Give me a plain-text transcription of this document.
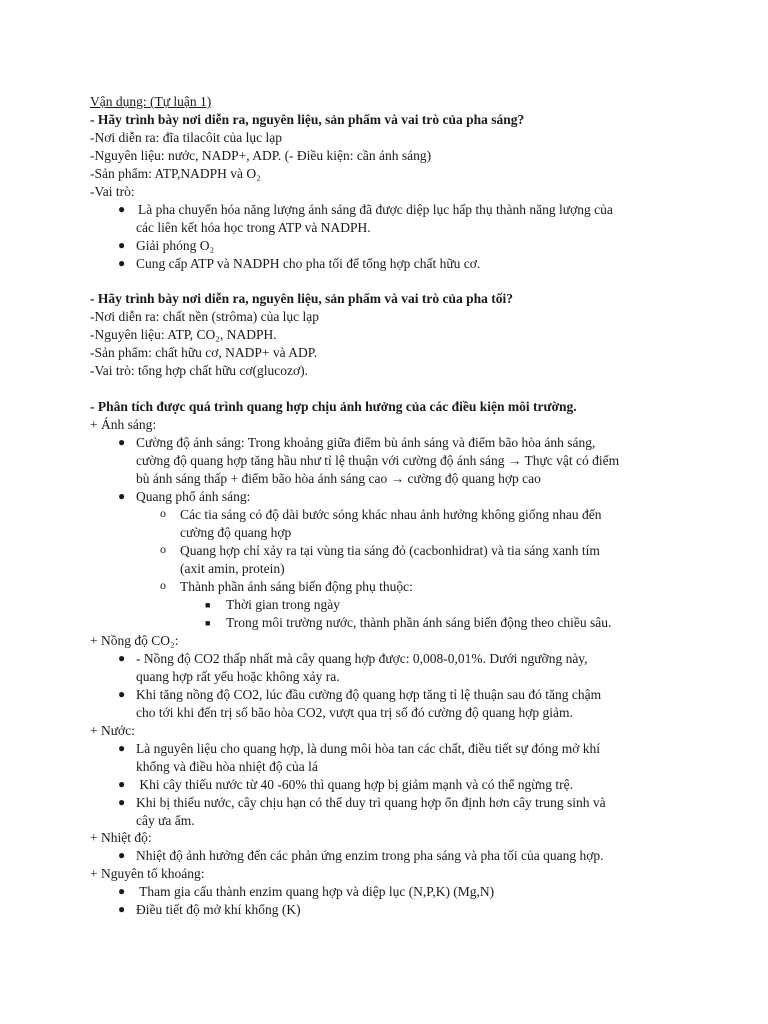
Vận dụng: (Tự luận 1)
- Hãy trình bày nơi diễn ra, nguyên liệu, sản phẩm và vai trò của pha sáng?
-Nơi diễn ra: đĩa tilacôit của lục lạp
-Nguyên liệu: nước, NADP+, ADP. (- Điều kiện: cần ánh sáng)
-Sản phẩm: ATP,NADPH và O₂
-Vai trò:
● Là pha chuyển hóa năng lượng ánh sáng đã được diệp lục hấp thụ thành năng lượng của
các liên kết hóa học trong ATP và NADPH.
● Giải phóng O₂
● Cung cấp ATP và NADPH cho pha tối để tổng hợp chất hữu cơ.
- Hãy trình bày nơi diễn ra, nguyên liệu, sản phẩm và vai trò của pha tối?
-Nơi diễn ra: chất nền (strôma) của lục lạp
-Nguyên liệu: ATP, CO₂, NADPH.
-Sản phẩm: chất hữu cơ, NADP+ và ADP.
-Vai trò: tổng hợp chất hữu cơ(glucozơ).
- Phân tích được quá trình quang hợp chịu ảnh hưởng của các điều kiện môi trường.
+ Ánh sáng:
● Cường độ ánh sáng: Trong khoảng giữa điểm bù ánh sáng và điểm bão hòa ánh sáng,
cường độ quang hợp tăng hầu như tỉ lệ thuận với cường độ ánh sáng → Thực vật có điểm
bù ánh sáng thấp + điểm bão hòa ánh sáng cao → cường độ quang hợp cao
● Quang phổ ánh sáng:
o Các tia sáng có độ dài bước sóng khác nhau ảnh hưởng không giống nhau đến
cường độ quang hợp
o Quang hợp chỉ xảy ra tại vùng tia sáng đỏ (cacbonhidrat) và tia sáng xanh tím
(axit amin, protein)
o Thành phần ánh sáng biến động phụ thuộc:
■ Thời gian trong ngày
■ Trong môi trường nước, thành phần ánh sáng biến động theo chiều sâu.
+ Nồng độ CO₂:
● - Nồng độ CO2 thấp nhất mà cây quang hợp được: 0,008-0,01%. Dưới ngưỡng này,
quang hợp rất yếu hoặc không xảy ra.
● Khi tăng nồng độ CO2, lúc đầu cường độ quang hợp tăng tỉ lệ thuận sau đó tăng chậm
cho tới khi đến trị số bão hòa CO2, vượt qua trị số đó cường độ quang hợp giảm.
+ Nước:
● Là nguyên liệu cho quang hợp, là dung môi hòa tan các chất, điều tiết sự đóng mở khí
khổng và điều hòa nhiệt độ của lá
● Khi cây thiếu nước từ 40 -60% thì quang hợp bị giảm mạnh và có thể ngừng trệ.
● Khi bị thiếu nước, cây chịu hạn có thể duy trì quang hợp ổn định hơn cây trung sinh và
cây ưa ẩm.
+ Nhiệt độ:
● Nhiệt độ ảnh hưởng đến các phản ứng enzim trong pha sáng và pha tối của quang hợp.
+ Nguyên tố khoáng:
● Tham gia cấu thành enzim quang hợp và diệp lục (N,P,K) (Mg,N)
● Điều tiết độ mở khí khổng (K)
